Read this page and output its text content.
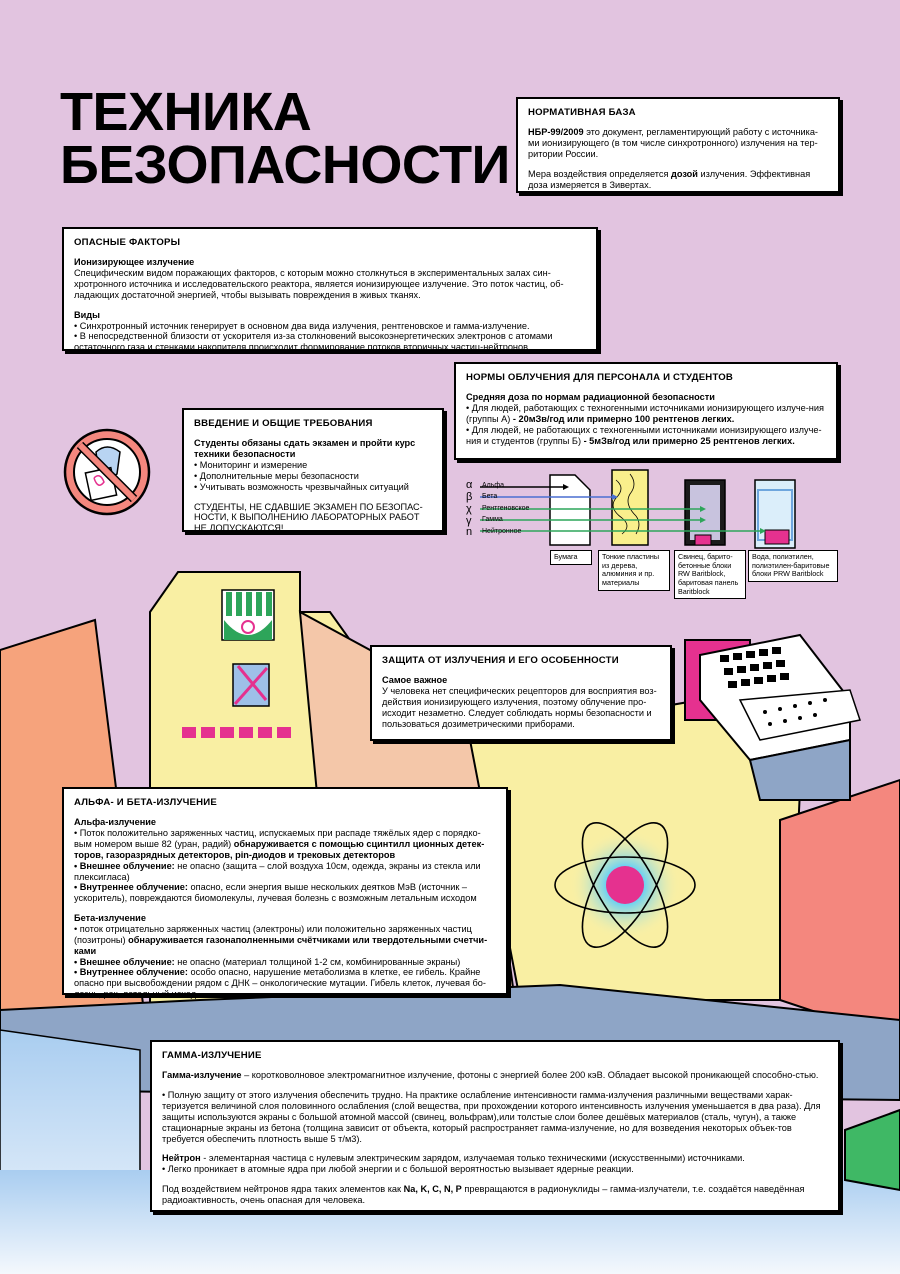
ТЕХНИКА
БЕЗОПАСНОСТИ
НОРМАТИВНАЯ БАЗА

НБР-99/2009 это документ, регламентирующий работу с источника-ми ионизирующего (в том числе синхротронного) излучения на тер-ритории России.

Мера воздействия определяется дозой излучения. Эффективная доза измеряется в Зивертах.

ОПАСНЫЕ ФАКТОРЫ

Ионизирующее излучение

Специфическим видом поражающих факторов, с которым можно столкнуться в экспериментальных залах син-хротронного источника и исследовательского реактора, является ионизирующее излучение. Это поток частиц, об-ладающих достаточной энергией, чтобы вызывать повреждения в живых тканях.

Виды

• Синхротронный источник генерирует в основном два вида излучения, рентгеновское и гамма-излучение.

• В непосредственной близости от ускорителя из-за столкновений высокоэнергетических электронов с атомами остаточного газа и стенками накопителя происходит формирование потоков вторичных частиц-нейтронов.

НОРМЫ ОБЛУЧЕНИЯ ДЛЯ ПЕРСОНАЛА И СТУДЕНТОВ

Средняя доза по нормам радиационной безопасности

• Для людей, работающих с техногенными источниками ионизирующего излуче-ния

(группы А) - 20мЗв/год или примерно 100 рентгенов легких.

• Для людей, не работающих с техногенными источниками ионизирующего излуче-ния и студентов (группы Б) - 5мЗв/год или примерно 25 рентгенов легких.

ВВЕДЕНИЕ И ОБЩИЕ ТРЕБОВАНИЯ

Студенты обязаны сдать экзамен и пройти курс техники безопасности

• Мониторинг и измерение
• Дополнительные меры безопасности
• Учитывать возможность чрезвычайных ситуаций

СТУДЕНТЫ, НЕ СДАВШИЕ ЭКЗАМЕН ПО БЕЗОПАС-НОСТИ, К ВЫПОЛНЕНИЮ ЛАБОРАТОРНЫХ РАБОТ НЕ ДОПУСКАЮТСЯ!

α
β
χ
γ
n
Альфа
Бета
Рентгеновское
Гамма
Нейтронное
Бумага	Тонкие пластины из дерева, алюминия и пр. материалы
Свинец, барито-бетонные блоки RW Baritblock, баритовая панель Baritblock
Вода, полиэтилен, полиэтилен-баритовые блоки PRW Baritblock
ЗАЩИТА ОТ ИЗЛУЧЕНИЯ И ЕГО ОСОБЕННОСТИ

Самое важное

У человека нет специфических рецепторов для восприятия воз-действия ионизирующего излучения, поэтому облучение про-исходит незаметно. Следует соблюдать нормы безопасности и пользоваться дозиметрическими приборами.

АЛЬФА- И БЕТА-ИЗЛУЧЕНИЕ

Альфа-излучение

• Поток положительно заряженных частиц, испускаемых при распаде тяжёлых ядер с порядко-вым номером выше 82 (уран, радий) обнаруживается с помощью сцинтилл ционных детек-торов, газоразрядных детекторов, pin-диодов и трековых детекторов

• Внешнее облучение: не опасно (защита – слой воздуха 10см, одежда, экраны из стекла или плексигласа)

• Внутреннее облучение: опасно, если энергия выше нескольких деятков МэВ (источник – ускоритель), повреждаются биомолекулы, лучевая болезнь с возможным летальным исходом

Бета-излучение

• поток отрицательно заряженных частиц (электроны) или положительно заряженных частиц (позитроны) обнаруживается газонаполненными счётчиками или твердотельными счетчи-ками

• Внешнее облучение: не опасно (материал толщиной 1-2 см, комбинированные экраны)

• Внутреннее облучение: особо опасно, нарушение метаболизма в клетке, ее гибель. Крайне опасно при высвобождении рядом с ДНК – онкологические мутации. Гибель клеток, лучевая бо-лезнь, рак, летальный исход.

ГАММА-ИЗЛУЧЕНИЕ

Гамма-излучение – коротковолновое электромагнитное излучение, фотоны с энергией более 200 кэВ. Обладает высокой проникающей способно-стью.

• Полную защиту от этого излучения обеспечить трудно. На практике ослабление интенсивности гамма-излучения различными веществами харак-теризуется величиной слоя половинного ослабления (слой вещества, при прохождении которого интенсивность излучения уменьшается в два раза). Для защиты используются экраны с большой атомной массой (свинец, вольфрам),или толстые слои более дешёвых материалов (сталь, чугун), а также стационарные экраны из бетона (толщина зависит от объекта, который распространяет гамма-излучение, но для возведения некоторых объек-тов требуется обеспечить плотность выше 5 т/м3).

Нейтрон - элементарная частица с нулевым электрическим зарядом, излучаемая только техническими (искусственными) источниками.

• Легко проникает в атомные ядра при любой энергии и с большой вероятностью вызывает ядерные реакции.

Под воздействием нейтронов ядра таких элементов как Na, K, C, N, P превращаются в радионуклиды – гамма-излучатели, т.е. создаётся наведённая радиоактивность, очень опасная для человека.
